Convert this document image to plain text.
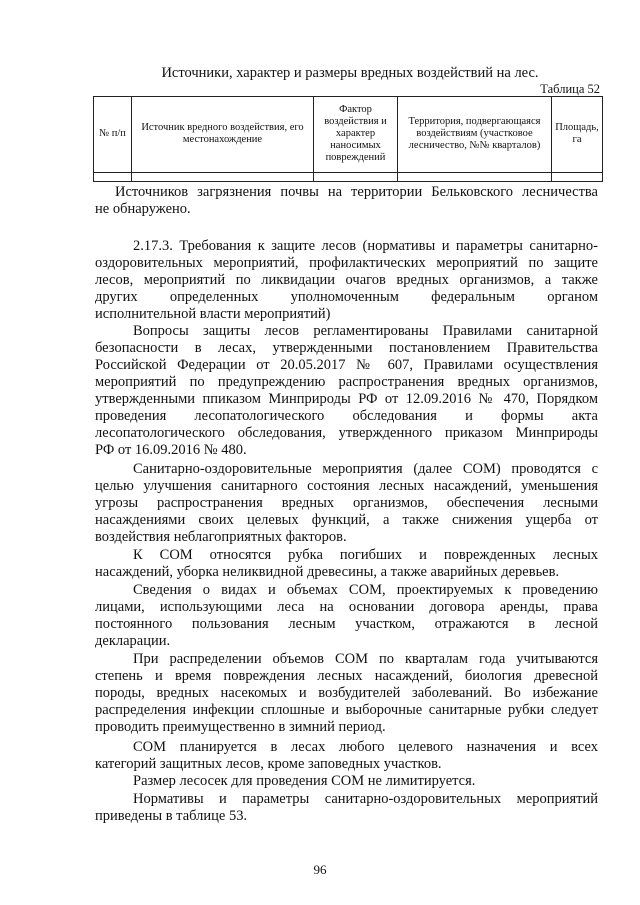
Источники, характер и размеры вредных воздействий на лес.
Таблица 52
№ п/п	Источник вредного воздействия, его местонахождение	Фактор воздействия и характер наносимых повреждений	Территория, подвергающаяся воздействиям (участковое лесничество, №№ кварталов)	Площадь, га

Источников загрязнения почвы на территории Бельковского лесничества
не обнаружено.

2.17.3. Требования к защите лесов (нормативы и параметры санитарно-
оздоровительных мероприятий, профилактических мероприятий по защите
лесов, мероприятий по ликвидации очагов вредных организмов, а также
других определенных уполномоченным федеральным органом
исполнительной власти мероприятий)

Вопросы защиты лесов регламентированы Правилами санитарной
безопасности в лесах, утвержденными постановлением Правительства
Российской Федерации от 20.05.2017 № 607, Правилами осуществления
мероприятий по предупреждению распространения вредных организмов,
утвержденными ппиказом Минприроды РФ от 12.09.2016 № 470, Порядком
проведения лесопатологического обследования и формы акта
лесопатологического обследования, утвержденного приказом Минприроды
РФ от 16.09.2016 № 480.

Санитарно-оздоровительные мероприятия (далее СОМ) проводятся с
целью улучшения санитарного состояния лесных насаждений, уменьшения
угрозы распространения вредных организмов, обеспечения лесными
насаждениями своих целевых функций, а также снижения ущерба от
воздействия неблагоприятных факторов.

К СОМ относятся рубка погибших и поврежденных лесных
насаждений, уборка неликвидной древесины, а также аварийных деревьев.

Сведения о видах и объемах СОМ, проектируемых к проведению
лицами, использующими леса на основании договора аренды, права
постоянного пользования лесным участком, отражаются в лесной
декларации.

При распределении объемов СОМ по кварталам года учитываются
степень и время повреждения лесных насаждений, биология древесной
породы, вредных насекомых и возбудителей заболеваний. Во избежание
распределения инфекции сплошные и выборочные санитарные рубки следует
проводить преимущественно в зимний период.

СОМ планируется в лесах любого целевого назначения и всех
категорий защитных лесов, кроме заповедных участков.

Размер лесосек для проведения СОМ не лимитируется.

Нормативы и параметры санитарно-оздоровительных мероприятий
приведены в таблице 53.

96
